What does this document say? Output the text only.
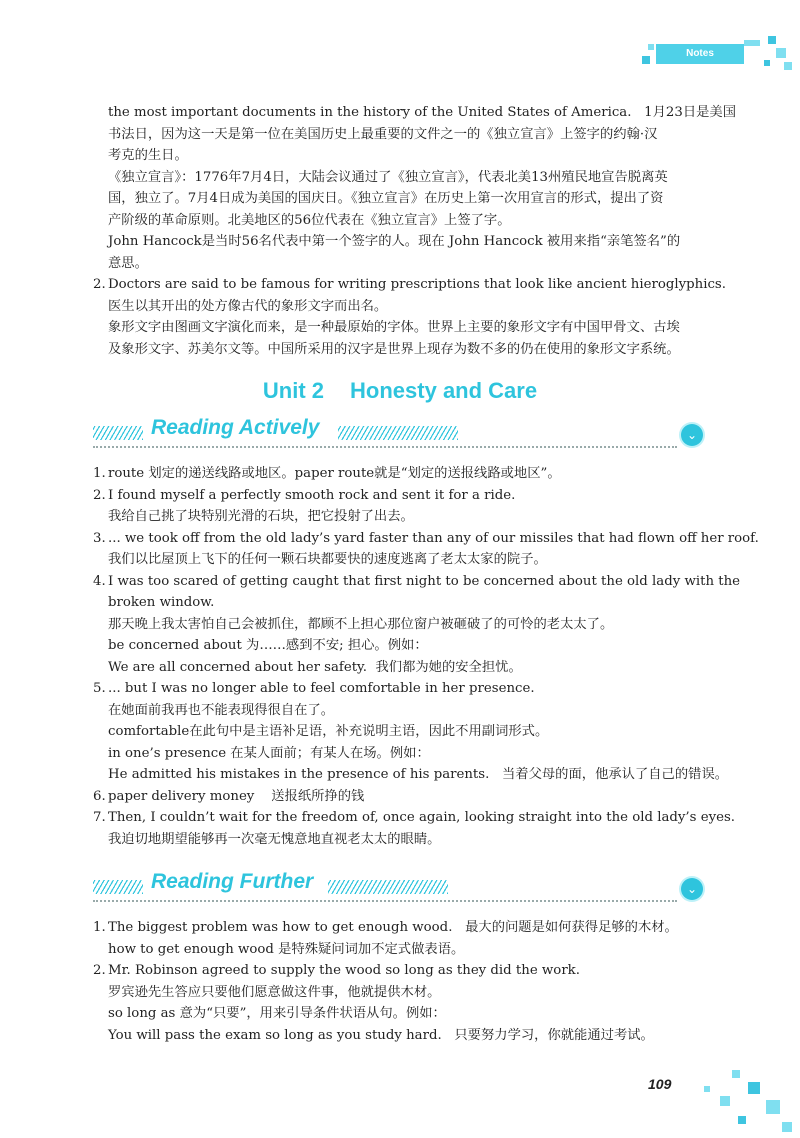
Notes
the most important documents in the history of the United States of America.   1月23日是美国
书法日，因为这一天是第一位在美国历史上最重要的文件之一的《独立宣言》上签字的约翰·汉
考克的生日。
《独立宣言》：1776年7月4日，大陆会议通过了《独立宣言》，代表北美13州殖民地宣告脱离英
国，独立了。7月4日成为美国的国庆日。《独立宣言》在历史上第一次用宣言的形式，提出了资
产阶级的革命原则。北美地区的56位代表在《独立宣言》上签了字。
John Hancock是当时56名代表中第一个签字的人。现在 John Hancock 被用来指“亲笔签名”的
意思。
2. Doctors are said to be famous for writing prescriptions that look like ancient hieroglyphics.
医生以其开出的处方像古代的象形文字而出名。
象形文字由图画文字演化而来，是一种最原始的字体。世界上主要的象形文字有中国甲骨文、古埃
及象形文字、苏美尔文等。中国所采用的汉字是世界上现存为数不多的仍在使用的象形文字系统。
Unit 2 Honesty and Care
Reading Actively	⌄
1. route 划定的递送线路或地区。paper route就是“划定的送报线路或地区”。
2. I found myself a perfectly smooth rock and sent it for a ride.
我给自己挑了块特别光滑的石块，把它投射了出去。
3. ... we took off from the old lady’s yard faster than any of our missiles that had flown off her roof.
我们以比屋顶上飞下的任何一颗石块都要快的速度逃离了老太太家的院子。
4. I was too scared of getting caught that first night to be concerned about the old lady with the
broken window.
那天晚上我太害怕自己会被抓住，都顾不上担心那位窗户被砸破了的可怜的老太太了。
be concerned about 为……感到不安; 担心。例如：
We are all concerned about her safety.  我们都为她的安全担忧。
5. ... but I was no longer able to feel comfortable in her presence.
在她面前我再也不能表现得很自在了。
comfortable在此句中是主语补足语，补充说明主语，因此不用副词形式。
in one’s presence 在某人面前；有某人在场。例如：
He admitted his mistakes in the presence of his parents.   当着父母的面，他承认了自己的错误。
6. paper delivery money    送报纸所挣的钱
7. Then, I couldn’t wait for the freedom of, once again, looking straight into the old lady’s eyes.
我迫切地期望能够再一次毫无愧意地直视老太太的眼睛。
Reading Further	⌄
1. The biggest problem was how to get enough wood.   最大的问题是如何获得足够的木材。
how to get enough wood 是特殊疑问词加不定式做表语。
2. Mr. Robinson agreed to supply the wood so long as they did the work.
罗宾逊先生答应只要他们愿意做这件事，他就提供木材。
so long as 意为“只要”，用来引导条件状语从句。例如：
You will pass the exam so long as you study hard.   只要努力学习，你就能通过考试。
109
